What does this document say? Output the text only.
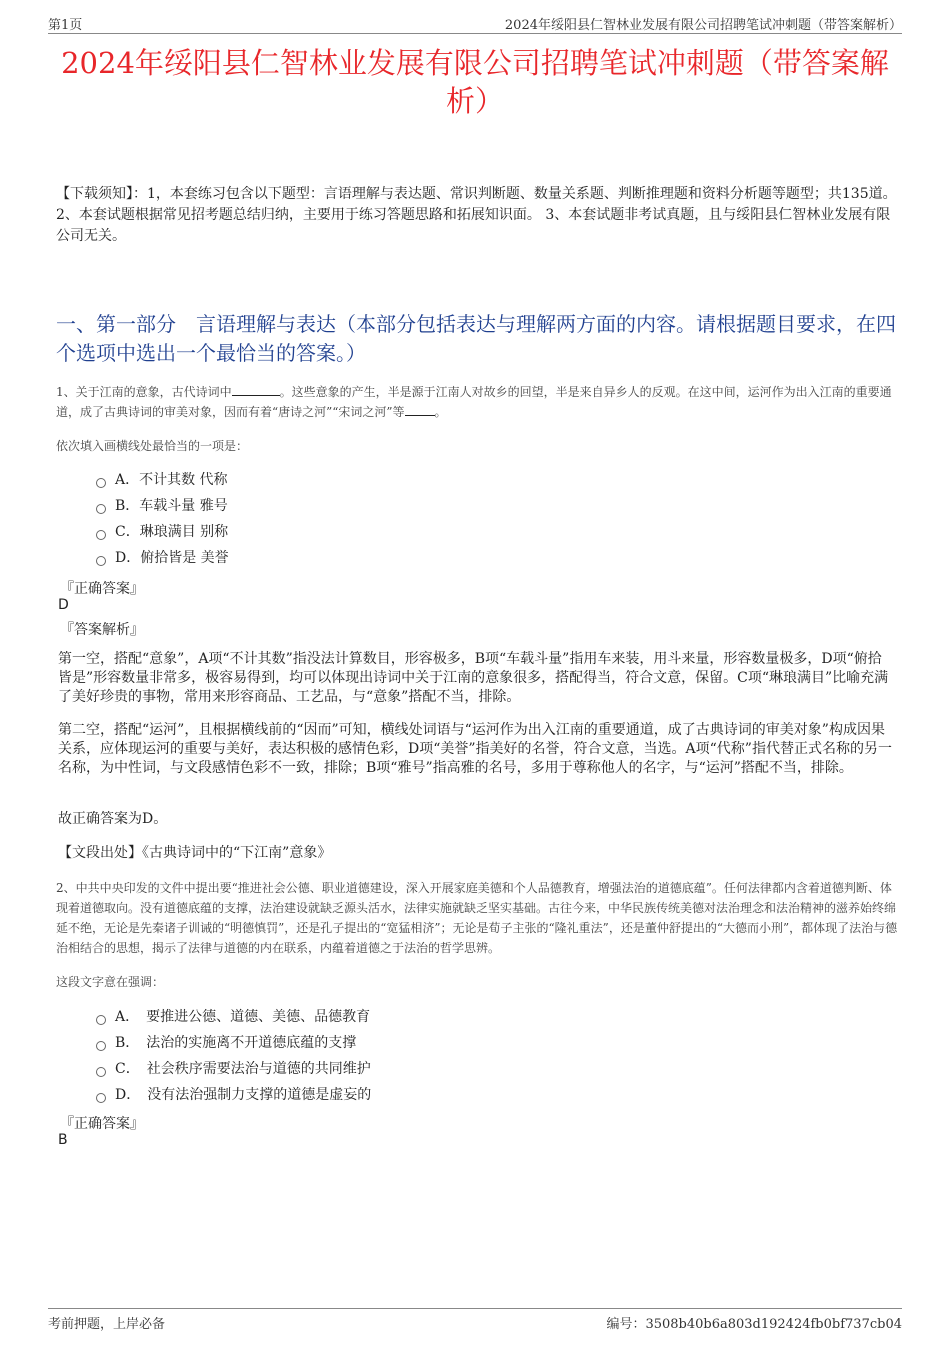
第1页	2024年绥阳县仁智林业发展有限公司招聘笔试冲刺题（带答案解析）
2024年绥阳县仁智林业发展有限公司招聘笔试冲刺题（带答案解析）

【下载须知】：1，本套练习包含以下题型：言语理解与表达题、常识判断题、数量关系题、判断推理题和资料分析题等题型；共135道。 2、本套试题根据常见招考题总结归纳，主要用于练习答题思路和拓展知识面。 3、本套试题非考试真题，且与绥阳县仁智林业发展有限公司无关。

一、第一部分　言语理解与表达（本部分包括表达与理解两方面的内容。请根据题目要求，在四个选项中选出一个最恰当的答案。）

1、关于江南的意象，古代诗词中	。这些意象的产生，半是源于江南人对故乡的回望，半是来自异乡人的反观。在这中间，运河作为出入江南的重要通道，成了古典诗词的审美对象，因而有着“唐诗之河”“宋词之河”等	。

依次填入画横线处最恰当的一项是：

A．不计其数 代称
B．车载斗量 雅号
C．琳琅满目 别称
D．俯拾皆是 美誉
『正确答案』
D
『答案解析』

第一空，搭配“意象”，A项“不计其数”指没法计算数目，形容极多，B项“车载斗量”指用车来装，用斗来量，形容数量极多，D项“俯拾皆是”形容数量非常多，极容易得到，均可以体现出诗词中关于江南的意象很多，搭配得当，符合文意，保留。C项“琳琅满目”比喻充满了美好珍贵的事物，常用来形容商品、工艺品，与“意象”搭配不当，排除。

第二空，搭配“运河”，且根据横线前的“因而”可知，横线处词语与“运河作为出入江南的重要通道，成了古典诗词的审美对象”构成因果关系，应体现运河的重要与美好，表达积极的感情色彩，D项“美誉”指美好的名誉，符合文意，当选。A项“代称”指代替正式名称的另一名称，为中性词，与文段感情色彩不一致，排除；B项“雅号”指高雅的名号，多用于尊称他人的名字，与“运河”搭配不当，排除。

故正确答案为D。

【文段出处】《古典诗词中的“下江南”意象》

2、中共中央印发的文件中提出要“推进社会公德、职业道德建设，深入开展家庭美德和个人品德教育，增强法治的道德底蕴”。任何法律都内含着道德判断、体现着道德取向。没有道德底蕴的支撑，法治建设就缺乏源头活水，法律实施就缺乏坚实基础。古往今来，中华民族传统美德对法治理念和法治精神的滋养始终绵延不绝，无论是先秦诸子训诫的“明德慎罚”，还是孔子提出的“宽猛相济”；无论是荀子主张的“隆礼重法”，还是董仲舒提出的“大德而小刑”，都体现了法治与德治相结合的思想，揭示了法律与道德的内在联系，内蕴着道德之于法治的哲学思辨。

这段文字意在强调：

A．　要推进公德、道德、美德、品德教育
B．　法治的实施离不开道德底蕴的支撑
C．　社会秩序需要法治与道德的共同维护
D．　没有法治强制力支撑的道德是虚妄的
『正确答案』
B
考前押题，上岸必备	编号：3508b40b6a803d192424fb0bf737cb04
